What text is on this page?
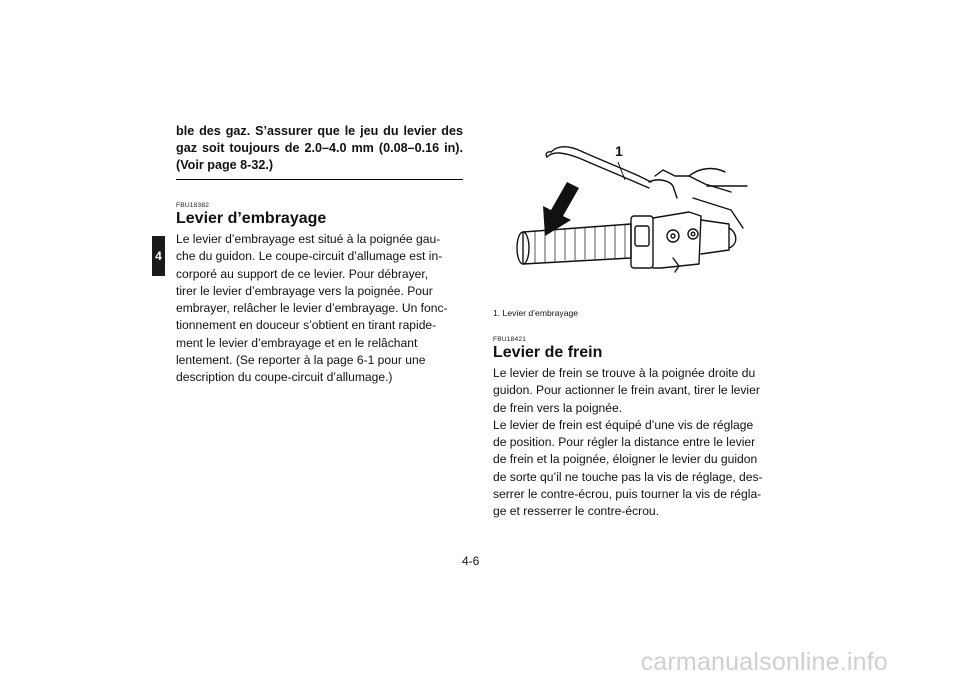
4
ble des gaz. S’assurer que le jeu du levier des gaz soit toujours de 2.0–4.0 mm (0.08–0.16 in). (Voir page 8-32.)
FBU18382
Levier d’embrayage
Le levier d’embrayage est situé à la poignée gau-
che du guidon. Le coupe-circuit d’allumage est in-
corporé au support de ce levier. Pour débrayer,
tirer le levier d’embrayage vers la poignée. Pour
embrayer, relâcher le levier d’embrayage. Un fonc-
tionnement en douceur s’obtient en tirant rapide-
ment le levier d’embrayage et en le relâchant
lentement. (Se reporter à la page 6-1 pour une
description du coupe-circuit d’allumage.)
1
1. Levier d’embrayage
FBU18421
Levier de frein
Le levier de frein se trouve à la poignée droite du
guidon. Pour actionner le frein avant, tirer le levier
de frein vers la poignée.
Le levier de frein est équipé d’une vis de réglage
de position. Pour régler la distance entre le levier
de frein et la poignée, éloigner le levier du guidon
de sorte qu’il ne touche pas la vis de réglage, des-
serrer le contre-écrou, puis tourner la vis de régla-
ge et resserrer le contre-écrou.
4-6
carmanualsonline.info
